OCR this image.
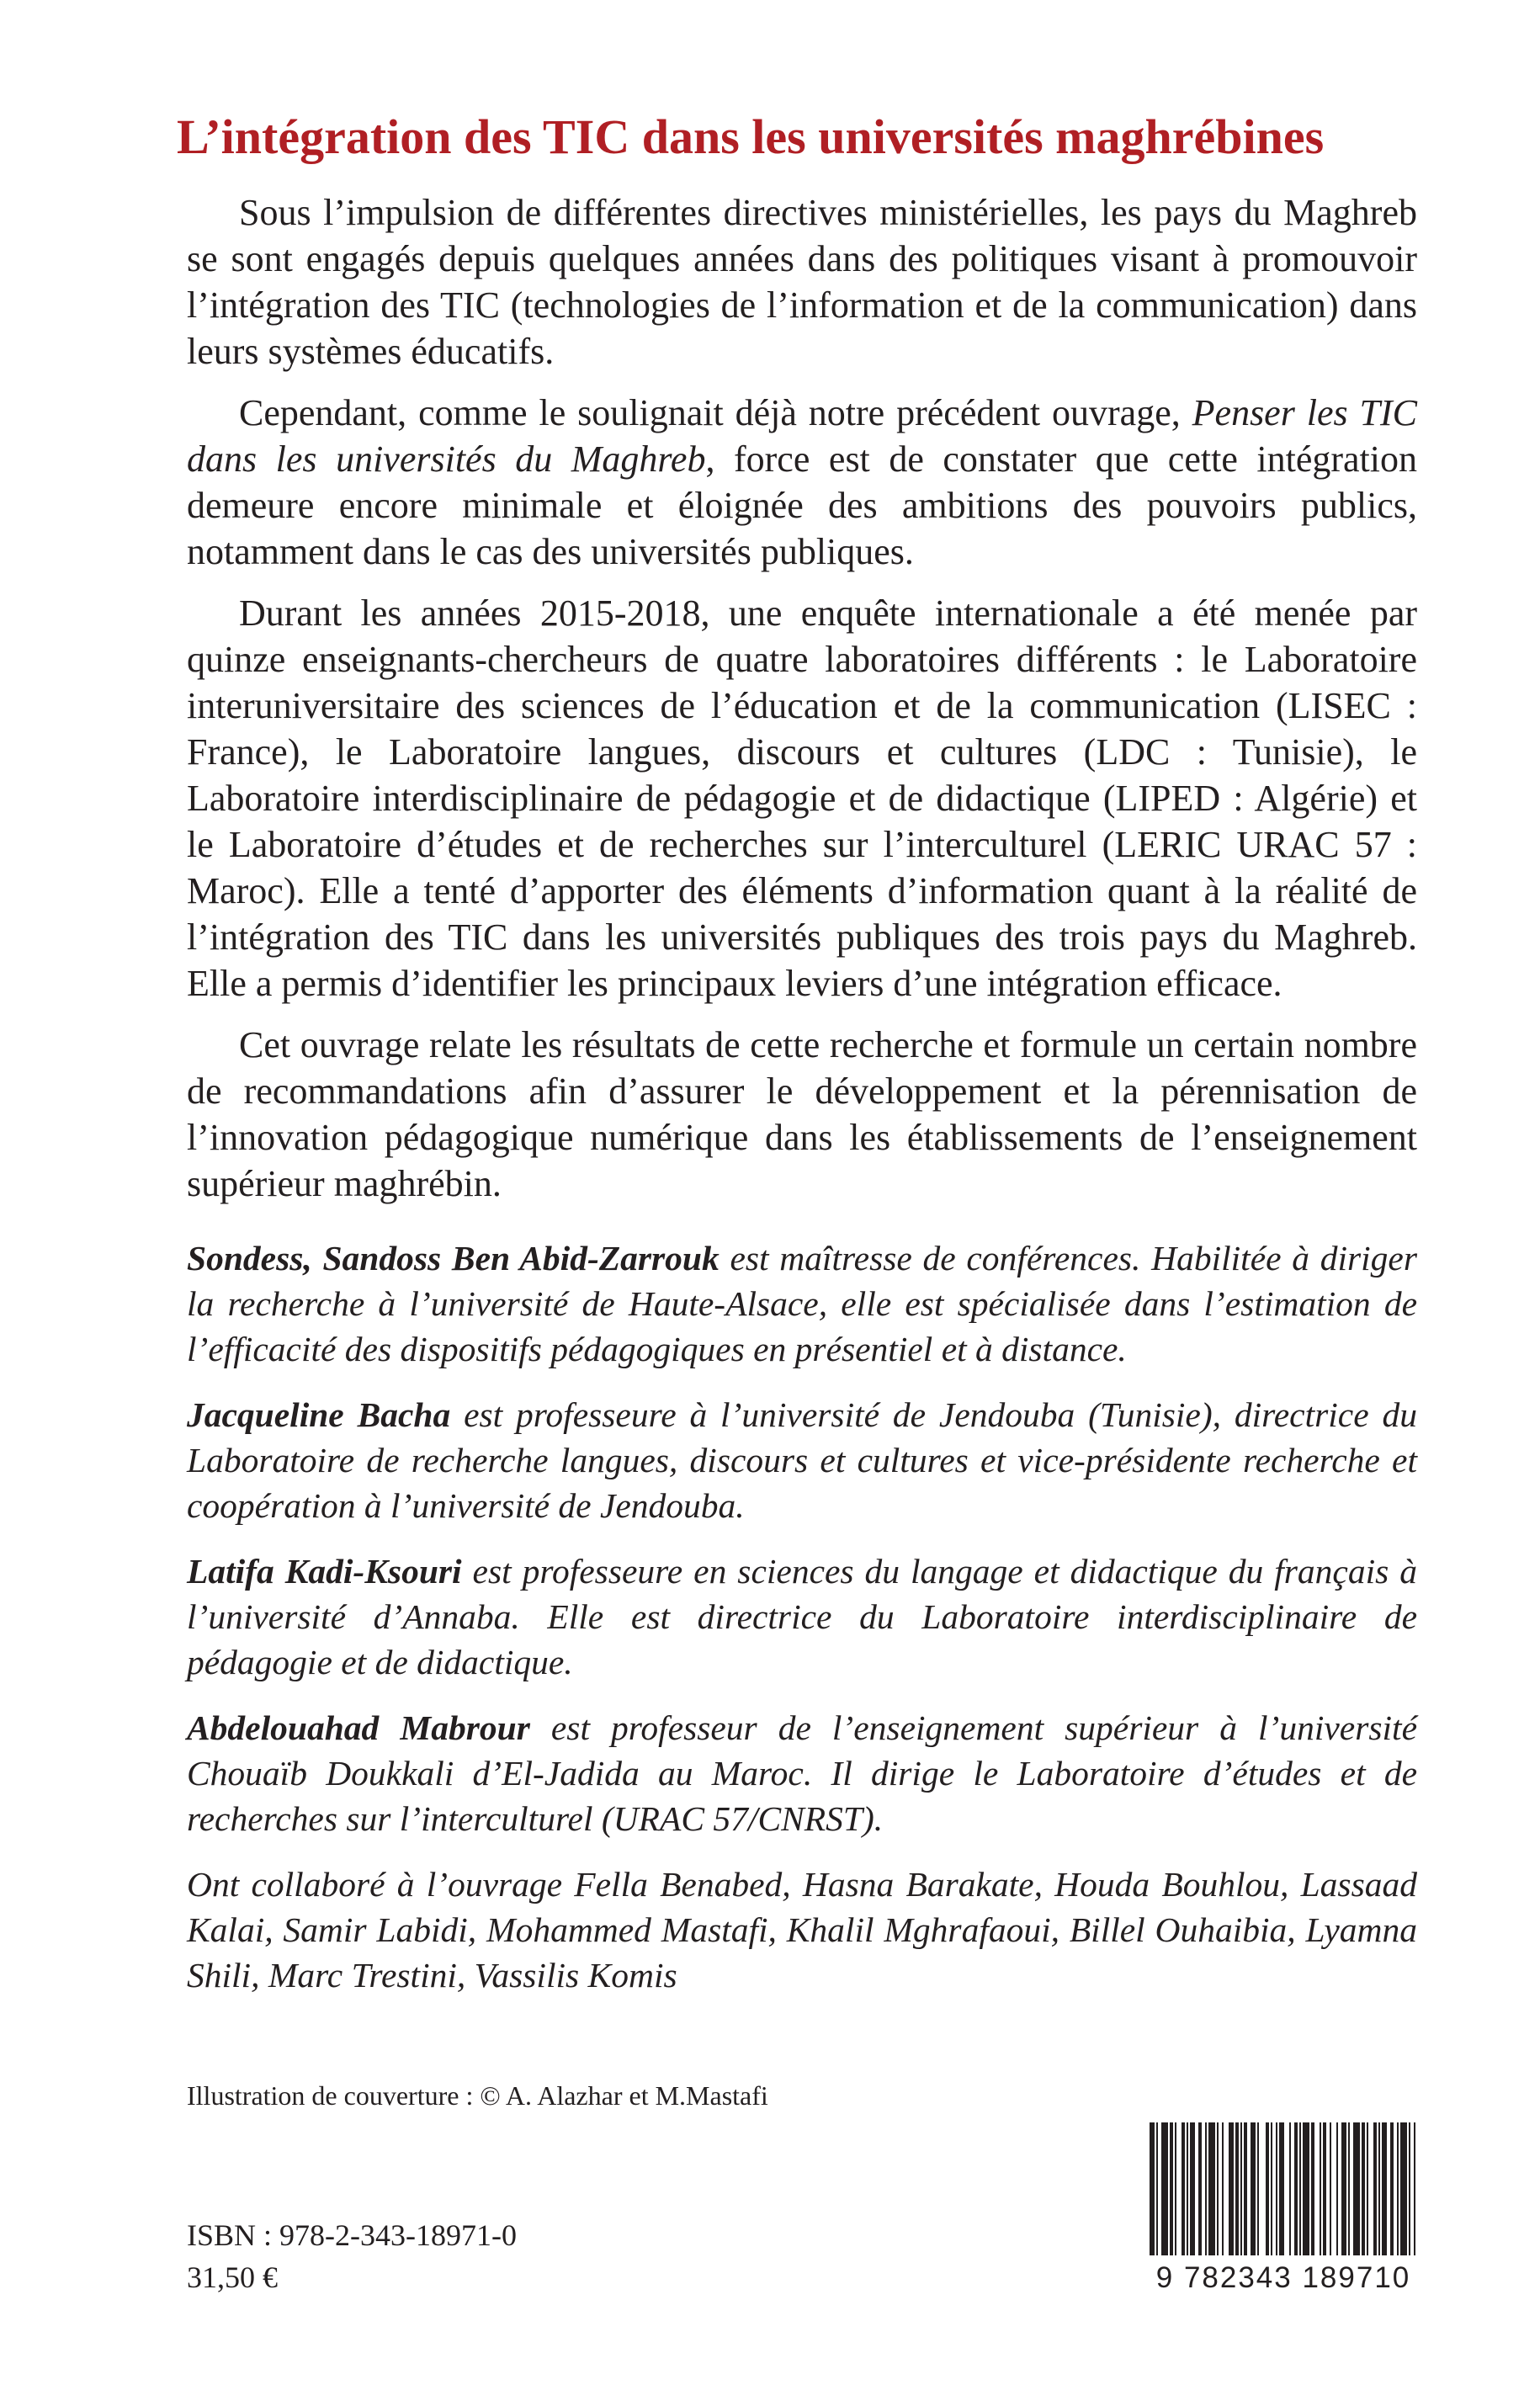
L’intégration des TIC dans les universités maghrébines

Sous l’impulsion de différentes directives ministérielles, les pays du Maghreb se sont engagés depuis quelques années dans des politiques visant à promouvoir l’intégration des TIC (technologies de l’information et de la communication) dans leurs systèmes éducatifs.

Cependant, comme le soulignait déjà notre précédent ouvrage, Penser les TIC dans les universités du Maghreb, force est de constater que cette intégration demeure encore minimale et éloignée des ambitions des pouvoirs publics, notamment dans le cas des universités publiques.

Durant les années 2015-2018, une enquête internationale a été menée par quinze enseignants-chercheurs de quatre laboratoires différents : le Laboratoire interuniversitaire des sciences de l’éducation et de la communication (LISEC : France), le Laboratoire langues, discours et cultures (LDC : Tunisie), le Laboratoire interdisciplinaire de pédagogie et de didactique (LIPED : Algérie) et le Laboratoire d’études et de recherches sur l’interculturel (LERIC URAC 57 : Maroc). Elle a tenté d’apporter des éléments d’information quant à la réalité de l’intégration des TIC dans les universités publiques des trois pays du Maghreb. Elle a permis d’identifier les principaux leviers d’une intégration efficace.

Cet ouvrage relate les résultats de cette recherche et formule un certain nombre de recommandations afin d’assurer le développement et la pérennisation de l’innovation pédagogique numérique dans les établissements de l’enseignement supérieur maghrébin.

Sondess, Sandoss Ben Abid-Zarrouk est maîtresse de conférences. Habilitée à diriger la recherche à l’université de Haute-Alsace, elle est spécialisée dans l’estimation de l’efficacité des dispositifs pédagogiques en présentiel et à distance.

Jacqueline Bacha est professeure à l’université de Jendouba (Tunisie), directrice du Laboratoire de recherche langues, discours et cultures et vice-présidente recherche et coopération à l’université de Jendouba.

Latifa Kadi-Ksouri est professeure en sciences du langage et didactique du français à l’université d’Annaba. Elle est directrice du Laboratoire interdisciplinaire de pédagogie et de didactique.

Abdelouahad Mabrour est professeur de l’enseignement supérieur à l’université Chouaïb Doukkali d’El-Jadida au Maroc. Il dirige le Laboratoire d’études et de recherches sur l’interculturel (URAC 57/CNRST).

Ont collaboré à l’ouvrage Fella Benabed, Hasna Barakate, Houda Bouhlou, Lassaad Kalai, Samir Labidi, Mohammed Mastafi, Khalil Mghrafaoui, Billel Ouhaibia, Lyamna Shili, Marc Trestini, Vassilis Komis

Illustration de couverture : © A. Alazhar et M.Mastafi
ISBN : 978-2-343-18971-0
31,50 €	9 782343 189710
